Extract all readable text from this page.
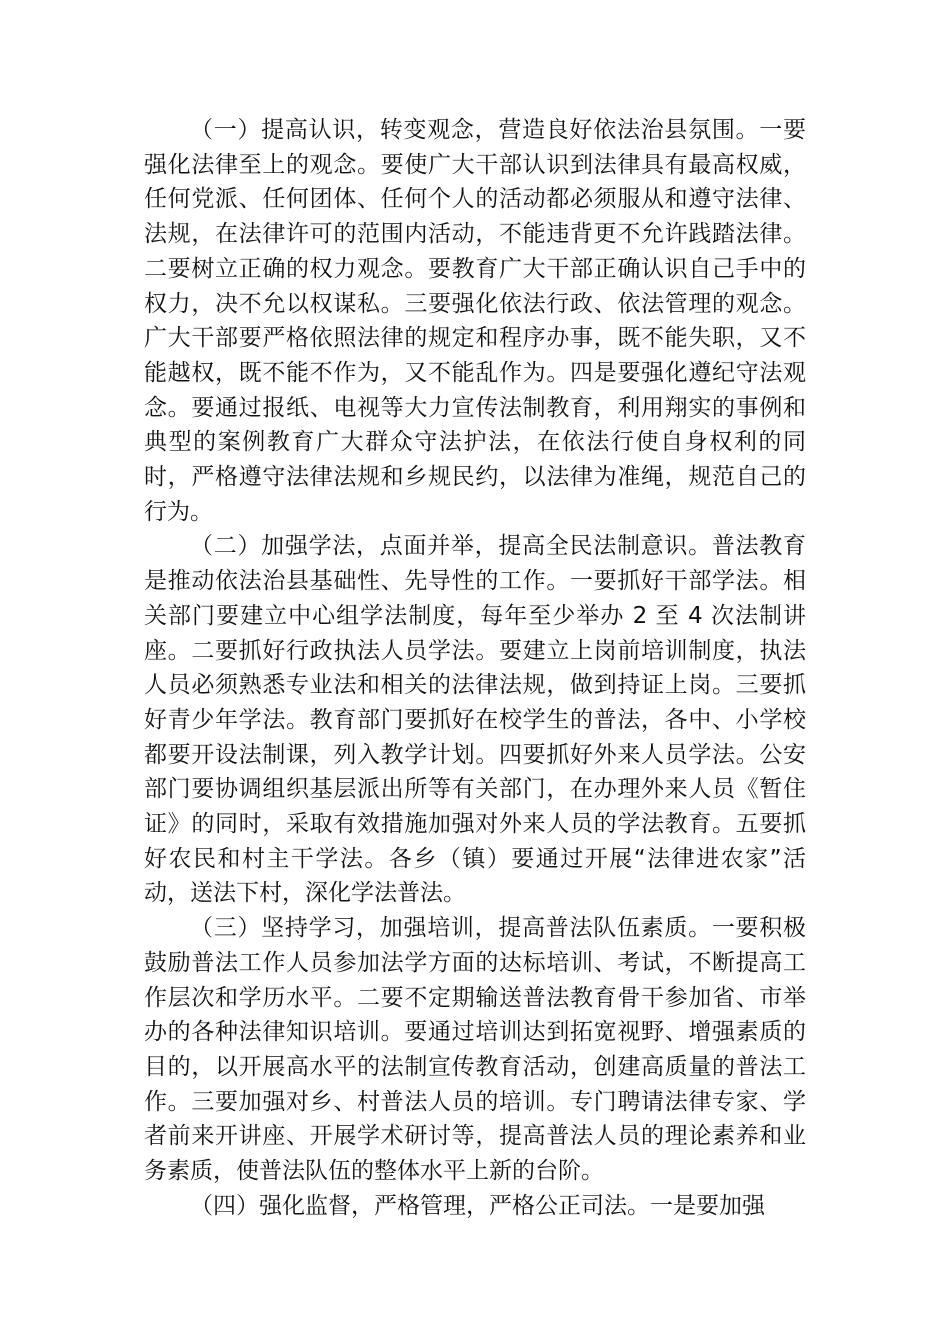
（一）提高认识，转变观念，营造良好依法治县氛围。一要强化法律至上的观念。要使广大干部认识到法律具有最高权威，任何党派、任何团体、任何个人的活动都必须服从和遵守法律、法规，在法律许可的范围内活动，不能违背更不允许践踏法律。二要树立正确的权力观念。要教育广大干部正确认识自己手中的权力，决不允以权谋私。三要强化依法行政、依法管理的观念。广大干部要严格依照法律的规定和程序办事，既不能失职，又不能越权，既不能不作为，又不能乱作为。四是要强化遵纪守法观念。要通过报纸、电视等大力宣传法制教育，利用翔实的事例和典型的案例教育广大群众守法护法，在依法行使自身权利的同时，严格遵守法律法规和乡规民约，以法律为准绳，规范自己的行为。

（二）加强学法，点面并举，提高全民法制意识。普法教育是推动依法治县基础性、先导性的工作。一要抓好干部学法。相关部门要建立中心组学法制度，每年至少举办 2 至 4 次法制讲座。二要抓好行政执法人员学法。要建立上岗前培训制度，执法人员必须熟悉专业法和相关的法律法规，做到持证上岗。三要抓好青少年学法。教育部门要抓好在校学生的普法，各中、小学校都要开设法制课，列入教学计划。四要抓好外来人员学法。公安部门要协调组织基层派出所等有关部门，在办理外来人员《暂住证》的同时，采取有效措施加强对外来人员的学法教育。五要抓好农民和村主干学法。各乡（镇）要通过开展“法律进农家”活动，送法下村，深化学法普法。

（三）坚持学习，加强培训，提高普法队伍素质。一要积极鼓励普法工作人员参加法学方面的达标培训、考试，不断提高工作层次和学历水平。二要不定期输送普法教育骨干参加省、市举办的各种法律知识培训。要通过培训达到拓宽视野、增强素质的目的，以开展高水平的法制宣传教育活动，创建高质量的普法工作。三要加强对乡、村普法人员的培训。专门聘请法律专家、学者前来开讲座、开展学术研讨等，提高普法人员的理论素养和业务素质，使普法队伍的整体水平上新的台阶。

（四）强化监督，严格管理，严格公正司法。一是要加强
